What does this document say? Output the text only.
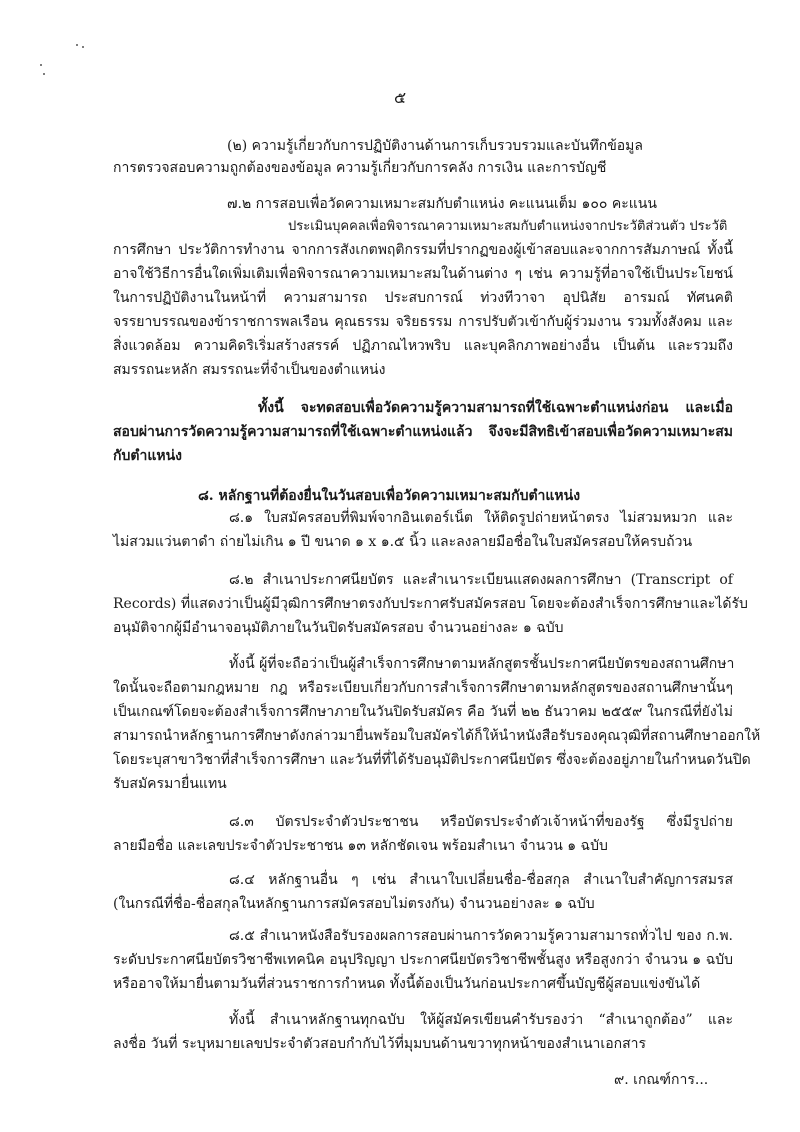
๕
(๒) ความรู้เกี่ยวกับการปฏิบัติงานด้านการเก็บรวบรวมและบันทึกข้อมูล
การตรวจสอบความถูกต้องของข้อมูล ความรู้เกี่ยวกับการคลัง การเงิน และการบัญชี
๗.๒ การสอบเพื่อวัดความเหมาะสมกับตำแหน่ง คะแนนเต็ม ๑๐๐ คะแนน
ประเมินบุคคลเพื่อพิจารณาความเหมาะสมกับตำแหน่งจากประวัติส่วนตัว ประวัติ
การศึกษา ประวัติการทำงาน จากการสังเกตพฤติกรรมที่ปรากฏของผู้เข้าสอบและจากการสัมภาษณ์ ทั้งนี้
อาจใช้วิธีการอื่นใดเพิ่มเติมเพื่อพิจารณาความเหมาะสมในด้านต่าง ๆ เช่น ความรู้ที่อาจใช้เป็นประโยชน์
ในการปฏิบัติงานในหน้าที่ ความสามารถ ประสบการณ์ ท่วงทีวาจา อุปนิสัย อารมณ์ ทัศนคติ
จรรยาบรรณของข้าราชการพลเรือน คุณธรรม จริยธรรม การปรับตัวเข้ากับผู้ร่วมงาน รวมทั้งสังคม และ
สิ่งแวดล้อม ความคิดริเริ่มสร้างสรรค์ ปฏิภาณไหวพริบ และบุคลิกภาพอย่างอื่น เป็นต้น และรวมถึง
สมรรถนะหลัก สมรรถนะที่จำเป็นของตำแหน่ง
ทั้งนี้ จะทดสอบเพื่อวัดความรู้ความสามารถที่ใช้เฉพาะตำแหน่งก่อน และเมื่อ
สอบผ่านการวัดความรู้ความสามารถที่ใช้เฉพาะตำแหน่งแล้ว จึงจะมีสิทธิเข้าสอบเพื่อวัดความเหมาะสม
กับตำแหน่ง
๘. หลักฐานที่ต้องยื่นในวันสอบเพื่อวัดความเหมาะสมกับตำแหน่ง
๘.๑ ใบสมัครสอบที่พิมพ์จากอินเตอร์เน็ต ให้ติดรูปถ่ายหน้าตรง ไม่สวมหมวก และ
ไม่สวมแว่นตาดำ ถ่ายไม่เกิน ๑ ปี ขนาด ๑ x ๑.๕ นิ้ว และลงลายมือชื่อในใบสมัครสอบให้ครบถ้วน
๘.๒ สำเนาประกาศนียบัตร และสำเนาระเบียนแสดงผลการศึกษา (Transcript of
Records) ที่แสดงว่าเป็นผู้มีวุฒิการศึกษาตรงกับประกาศรับสมัครสอบ โดยจะต้องสำเร็จการศึกษาและได้รับ
อนุมัติจากผู้มีอำนาจอนุมัติภายในวันปิดรับสมัครสอบ จำนวนอย่างละ ๑ ฉบับ
ทั้งนี้ ผู้ที่จะถือว่าเป็นผู้สำเร็จการศึกษาตามหลักสูตรชั้นประกาศนียบัตรของสถานศึกษา
ใดนั้นจะถือตามกฎหมาย กฎ หรือระเบียบเกี่ยวกับการสำเร็จการศึกษาตามหลักสูตรของสถานศึกษานั้นๆ
เป็นเกณฑ์โดยจะต้องสำเร็จการศึกษาภายในวันปิดรับสมัคร คือ วันที่ ๒๒ ธันวาคม ๒๕๕๙ ในกรณีที่ยังไม่
สามารถนำหลักฐานการศึกษาดังกล่าวมายื่นพร้อมใบสมัครได้ก็ให้นำหนังสือรับรองคุณวุฒิที่สถานศึกษาออกให้
โดยระบุสาขาวิชาที่สำเร็จการศึกษา และวันที่ที่ได้รับอนุมัติประกาศนียบัตร ซึ่งจะต้องอยู่ภายในกำหนดวันปิด
รับสมัครมายื่นแทน
๘.๓ บัตรประจำตัวประชาชน หรือบัตรประจำตัวเจ้าหน้าที่ของรัฐ ซึ่งมีรูปถ่าย
ลายมือชื่อ และเลขประจำตัวประชาชน ๑๓ หลักชัดเจน พร้อมสำเนา จำนวน ๑ ฉบับ
๘.๔ หลักฐานอื่น ๆ เช่น สำเนาใบเปลี่ยนชื่อ-ชื่อสกุล สำเนาใบสำคัญการสมรส
(ในกรณีที่ชื่อ-ชื่อสกุลในหลักฐานการสมัครสอบไม่ตรงกัน) จำนวนอย่างละ ๑ ฉบับ
๘.๕ สำเนาหนังสือรับรองผลการสอบผ่านการวัดความรู้ความสามารถทั่วไป ของ ก.พ.
ระดับประกาศนียบัตรวิชาชีพเทคนิค อนุปริญญา ประกาศนียบัตรวิชาชีพชั้นสูง หรือสูงกว่า จำนวน ๑ ฉบับ
หรืออาจให้มายื่นตามวันที่ส่วนราชการกำหนด ทั้งนี้ต้องเป็นวันก่อนประกาศขึ้นบัญชีผู้สอบแข่งขันได้
ทั้งนี้ สำเนาหลักฐานทุกฉบับ ให้ผู้สมัครเขียนคำรับรองว่า “สำเนาถูกต้อง” และ
ลงชื่อ วันที่ ระบุหมายเลขประจำตัวสอบกำกับไว้ที่มุมบนด้านขวาทุกหน้าของสำเนาเอกสาร
๙. เกณฑ์การ...
